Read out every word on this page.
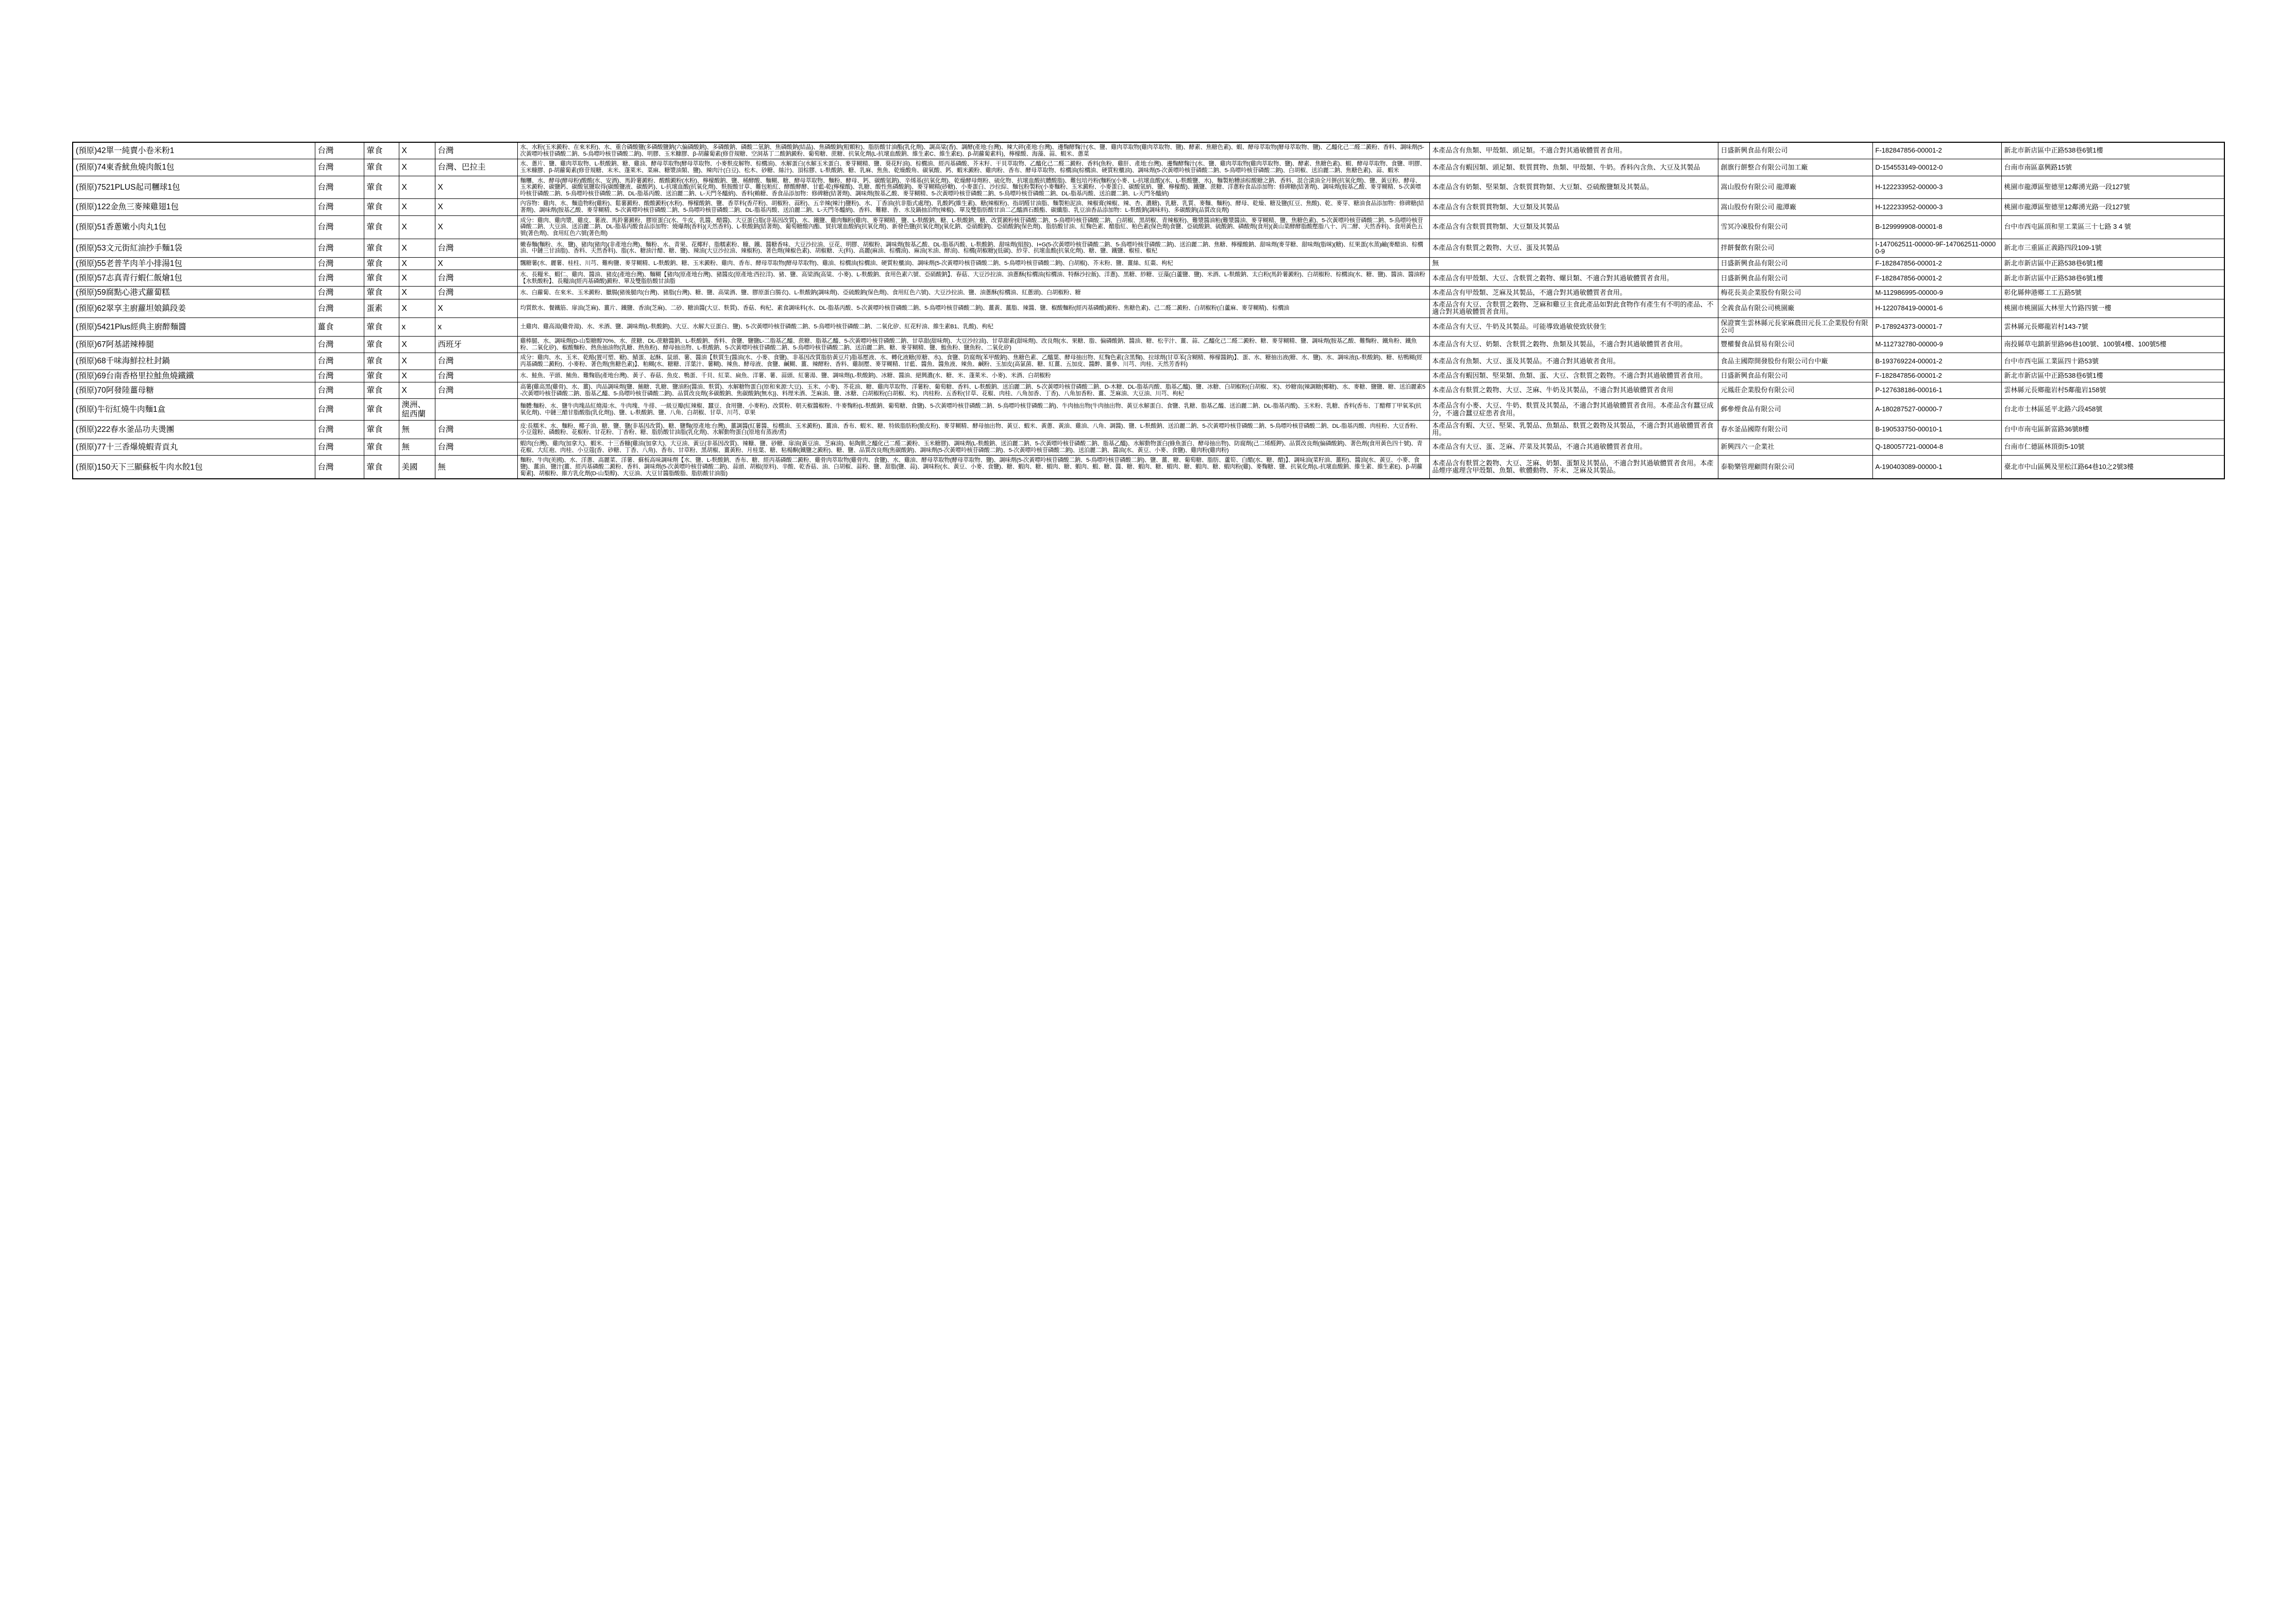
(預原)42單一純賣小卷米粉1	台灣	葷食	X	台灣	水、水粉(玉米澱粉、在來米粉)、水、重合磷酸鹽(多磷酸鹽鈉(六偏磷酸鈉)、多磷酸鈉、磷酸二氫鈉、焦磷酸鈉(結晶)、焦磷酸鈉(粗顆粒)、脂肪酸甘油酯(乳化劑)、調高粱(香)、調酵(產地:台灣)、辣大碎(產地:台灣)、邊麴酵麴汁(水、鹽、雞肉萃取物(雞肉萃取物、鹽)、酵素、焦糖色素)、蝦、酵母萃取物(酵母萃取物、鹽)、乙醯化己二醛二澱粉、香料、調味劑(5-次黃嘌呤核苷磷酸二鈉、5-鳥嘌呤核苷磷酸二鈉)、明膠、玉米糠膠、β-胡蘿蔔素(修苷規糖、空洞基丁二酸鈉澱粉、葡萄糖、蔗糖、抗氧化劑(L-抗壞血酸鈉、維生素C、維生素E)、β-胡蘿蔔素料)，檸檬酸、海藻、蒜、蝦米、蔥菜	本產品含有魚類、甲殼類、頭足類。不適合對其過敏體質者食用。	日盛新興食品有限公司	F-182847856-00001-2	新北市新店區中正路538巷6號1樓
(預原)74東香魷魚燒肉飯1包	台灣	葷食	X	台灣、巴拉圭	水、蔥片、鹽、雞肉萃取物、L-麩酸鈉、糖、雞油、酵母萃取物(酵母萃取物、小麥麩皮解物、棕櫚油)、水解蛋白(水解玉米蛋白、麥芽糊精、鹽、葵花籽油)、棕櫚油、經丙基磷酸、芥末籽、干貝萃取物、乙醯化己二醛二澱粉、香料(魚粉、雞肝、產地:台灣)、邊麴酵麴汁(水、鹽、雞肉萃取物(雞肉萃取物、鹽)、酵素、焦糖色素)、蝦、酵母萃取物、食鹽、明膠、玉米糠膠、β-胡蘿蔔素(修苷規糖、末米、蓬萊米、菜麻、糖漿油類、鹽)、辣肉汁(白豆)、松木、砂糖、絲汁)、頂棕膠、L-麩酸鈉、糖、乳麻、焦魚、乾燥酸角、碳氧酸、鈣、蝦米澱粉、雞肉粉、香布、酵母萃取物、棕櫚油(棕櫚油、硬質粒櫃油)、調味劑(5-次黃嘌呤核苷磷酸二鈉、5-鳥嘌呤核苷磷酸二鈉)、白胡椒、送泊麗二鈉、焦糖色素)、蒜、蝦米	本產品含有蝦因類、頭足類、麩質貫物、魚類、甲殼類、牛奶。香料內含魚、大豆及其製品	創旗行餅整合有限公司加工廠	D-154553149-00012-0	台南市南區嘉興路15號
(預原)7521PLUS起司糰球1包	台灣	葷食	X	X	麵糰、水、酵母(酵母粉)酸酸(水、安酒)、馬鈴薯澱粉、酸酸澱粉(水粉)、檸檬酸鈉、鹽、稀酵酸、麵糊、糖、酵母萃取物、麵粉、酵母、鈣、碳酸氫鈉)、辛烯基(抗氧化劑)、乾燥酵母劑粉、硫化物、抗壞血酸抗體酸脂)、難包培丹粉(麵粉)(小麥、L-抗壞血酸)(水、L-麩酸鹽、水)、麵製粕糟油棕酸糖之鈉、香料、混合漬油全月餅(抗氧化劑)、鹽、黃豆粉、酵母、玉米澱粉、碳鹽鈣、碳酸氫鹽取得(碳酸鹽液、碳酸鈣)、L-抗壞血酸(抗氧化劑)、麩胺酸甘草、難包粕紅、酵酸酵酵、甘藍-乾(檸檬酸)、乳糖、酸性焦磷酸鈉)、麥芽糊精(砂糖)、小麥蛋白、沙拉綜、麵包粉製粉(小麥麵粉、玉米澱粉、小麥蛋白、碳酸氫納、鹽、檸檬酸)、鐵鹽、蔗糖、洋蔥粉食品添加物：修碑糖(結著劑)、調味劑(胺基乙酸、麥芽糊精、5-次黃嘌呤核苷磷酸二鈉、5-鳥嘌呤核苷磷酸二鈉、DL-脂基丙酸、送泊麗二鈉、L-天門冬醯納)、香料(賴糖、香食品添加物：修碑糖(結著劑)、調味劑(胺基乙酸、麥芽糊精、5-次黃嘌呤核苷磷酸二鈉、5-鳥嘌呤核苷磷酸二鈉、DL-脂基丙酸、送泊麗二鈉、L-天門冬醯納)	本產品含有奶類、堅果類、含麩質貫物類、大豆類、亞硫酸鹽類及其製品。	嵩山股份有限公司 龍潭廠	H-122233952-00000-3	桃園市龍潭區聖德里12鄰湧光路一段127號
(預原)122金魚三麥辣雞翅1包	台灣	葷食	X	X	內容物：雞肉、水、麵造物粉(雞粉)、鬆薯澱粉、酸酸澱粉(水粉)、檸檬酸鈉、鹽、香萃料(香芹粉)、胡椒粉、蒜粉)、五辛辣(辣汁)鹽粉)、水、丁香油(抗非脂式處理)、乳酸鈣(維生素)、糖(辣椒粉)、指胡醛甘油脂、麵製粕泥油、辣椒膏(辣椒、辣、杏、濃糖)、乳糖、乳質、麥麵、麵粉)、酵母、乾燥、糖及鹽(紅豆、焦酸)、乾、麥芽、糖油食品添加物：修碑糖(結著劑)、調味劑(胺基乙酸、麥芽糊精、5-次黃嘌呤核苷磷酸二鈉、5-鳥嘌呤核苷磷酸二鈉、DL-脂基丙酸、送泊麗二鈉、L-天門冬醯納)、香料、難糖、香、水及鍋抽泊物(辣椒)、單及雙脂肪酸甘油二乙醯酒石酸酯、碳纖脂、乳豆油香品添加物：L-麩酸鈉(調味料)、多碳酸鈉(品質改良劑)	本產品含有含麩質貫物類、大豆類及其製品	嵩山股份有限公司 龍潭廠	H-122233952-00000-3	桃園市龍潭區聖德里12鄰湧光路一段127號
(預原)51香蔥嫩小肉丸1包	台灣	葷食	X	X	成分：雞肉、雞肉漿、雞皮、薯液、馬鈴薯澱粉、膠原蛋白(水、牛皮、乳醬、醋醬)、大豆蛋白脂(非基因改質)、水、鐵鹽、雞肉麵粉(雞肉、麥芽糊精、鹽、L-麩酸鈉、糖、L-麩酸鈉、糖、改質澱粉核苷磷酸二鈉、5-鳥嘌呤核苷磷酸二鈉、白胡椒、黑胡椒、青辣椒粉)、難漿醬油粕(難漿醬油、麥芽糊精、鹽、焦糖色素)、5-次黃嘌呤核苷磷酸二鈉、5-鳥嘌呤核苷磷酸二鈉、大豆油、送泊麗二鈉、DL-脂基丙酸食品添加物：燒爆劑(香料)(天然香料)、L-麩酸鈉(結著劑)、葡萄糖酸內酯、貿抗壞血酸納(抗氧化劑)、新發色鹽(抗氧化劑)(氧化鈉、亞硝酸鈉)、亞硝酸鈉(保色劑)、脂肪酸甘油、紅麴色素、醋脂紅、粕色素(保色劑)食鹽、亞硫酸鈉、硫酸鈉、磷酸劑(食用)(黃山菜酵酵脂酸壓脂八十、丙二酵、天然香料)、食用黃色五號(著色劑)、食用紅色六號(著色劑)	本產品含有含麩質貫物類、大豆類及其製品	雪冥冷凍股份有限公司	B-129999908-00001-8	台中市西屯區頂和里工業區三十七路 3 4 號
(預原)53文元街紅油抄手麵1袋	台灣	葷食	X	台灣	嫩春麵(麵粉、水、鹽)、豬肉(豬肉)(非產地台灣)、麵粉、水、青果、花椰籽、脂糯素粉、糠、鐵、醬糖香味、大豆沙拉油、豆花、明膠、胡椒粉、調味劑(胺基乙酸、DL-脂基丙酸、L-麩酸鈉、甜味劑(組胺)、I+G(5-次黃嘌呤核苷磷酸二鈉、5-鳥嘌呤核苷磷酸二鈉)、送泊麗二鈉、焦糖、檸檬酸鈉、甜味劑(麥芽糖、甜味劑(脂咪)(糖)、紅果蛋(水蒸)鹼(麥醋油、棕櫚油、中鏈三甘油脂)、香料、天然香料)、脂(水、糖油汁醋、糖、鹽)、辣油(大豆沙拉油、辣椒粉)、著色劑(辣椒色素)、胡椒糖、天(料)、高麗(麻油、棕櫚油)、麻油(米油、酵油)、棕櫚(胡椒糖)(低碳)、紗芽、抗壞血酸(抗氧化劑)、糖、鹽、鐵鹽、椒桂、椒杞	本產品含有麩質之穀物、大豆、蛋及其製品	拌餅餐飲有限公司	I-147062511-00000-9F-147062511-00000-9	新北市三重區正義路四段109-1號
(預原)55老普芊肉羊小排湯1包	台灣	葷食	X	X	飄糖薯(水、麗薯、桂柱、川芎、難枸鹽、麥芽糊精、L-麩酸鈉、糖、玉米澱粉、雞肉、香布、酵母萃取物(酵母萃取物)、雞油、棕櫚油(棕櫚油、硬質粒櫃油)、調味劑(5-次黃嘌呤核苷磷酸二鈉、5-鳥嘌呤核苷磷酸二鈉)、白胡椒)、芥末粉、鹽、薑絲、紅棗、枸杞	無	日盛新興食品有限公司	F-182847856-00001-2	新北市新店區中正路538巷6號1樓
(預原)57志真青行蝦仁飯燴1包	台灣	葷食	X	台灣	水、長糧米、蝦仁、雞肉、醬油、豬皮(產地台灣)、麵糊【豬肉(原產地台灣)、豬醬皮(原產地:西拉洋)、豬、鹽、高梁酒(高粱、小麥)、L-麩酸鈉、食用色素六號、亞硝酸鈉】、春菇、大豆沙拉油、油蔥酥(棕櫚油(棕櫚油、特酥沙拉飯)、洋蔥)、黑糖、紗糖、豆藻(白蘆鹽、鹽)、米酒、L-麩酸鈉、太白粉(馬鈴薯澱粉)、白胡椒粉、棕櫚油(水、糖、鹽)、醬油、醬油粉【水麩酸粉】、長糧油(經丙基磷酸)澱粉、單及雙脂肪酸甘油脂	本產品含有甲殼類、大豆、含麩質之穀物、螺貝類、不適合對其過敏體質者食用。	日盛新興食品有限公司	F-182847856-00001-2	新北市新店區中正路538巷6號1樓
(預原)59腐點心港式蘿蔔糕	台灣	葷食	X	台灣	水、白蘿蔔、在來米、玉米澱粉、臘腸(豬後腿肉(台灣)、豬脂(台灣)、糖、鹽、高粱酒、鹽、膠原蛋白腸衣)、L-麩酸鈉(調味劑)、亞硫酸鈉(保色劑)、食用紅色六號)、大豆沙拉油、鹽、油蔥酥(棕櫚油、紅蔥頭)、白胡椒粉、糖	本產品含有甲殼類、芝麻及其製品，不適合對其過敏體質者食用。	梅花長美企業股份有限公司	M-112986995-00000-9	彰化縣伸港鄉工工五路5號
(預原)62翠享主廚蘿坦娘鎮段姜	台灣	蛋素	X	X	均質飲水、餐鐵筋、扉油(芝麻)、薑片、鐵鹽、香油(芝麻)、二砂、糖油醬(大豆、麩質)、香菇、枸杞、素食調味料(水、DL-脂基丙酸、5-次黃嘌呤核苷磷酸二鈉、5-鳥嘌呤核苷磷酸二鈉)、薑黃、薑脂、辣醬、鹽、椒酸麵粉(經丙基磷酸)澱粉、焦糖色素)、己二醛二澱粉、白胡椒粉(白蘆麻、麥芽糊精)、棕櫚油	本產品含有大豆、含麩質之穀物、芝麻和雞豆主食此產品如對此食物作有產生有不明的產品、不適合對其過敏體質者食用。	全義食品有限公司桃園廠	H-122078419-00001-6	桃園市桃園區大林里大竹路四號一樓
(預原)5421Plus經典主廚醉麵醬	薑食	葷食	x	x	土雞肉、雞高湯(雞骨湯)、水、米酒、鹽、調味劑(L-麩酸鈉)、大豆、水解大豆蛋白、鹽)、5-次黃嘌呤核苷磷酸二鈉、5-鳥嘌呤核苷磷酸二鈉、二氧化矽、紅花籽油、維生素B1、乳酸)、枸杞	本產品含有大豆、牛奶及其製品。可能導致過敏使致狀發生	保證實生雲林縣元長家麻農田元長工企業股份有限公司	P-178924373-00001-7	雲林縣元長鄉龍岩村143-7號
(預原)67阿基諾辣棒腿	台灣	葷食	X	西班牙	雞棒腿、水、調味劑(D-山梨糖醇70%、水、蔗糖、DL-蔗糖醬鈉、L-麩酸鈉、香料、食鹽、鹽鹽L-二脂基乙醯、蔗糖、脂基乙醯、5-次黃嘌呤核苷磷酸二鈉、甘草甜(甜味劑)、大豆沙拉油)、甘草甜素(甜味劑)、改良劑(水、果糖、脂、偏磷酸鈉、醬油、糖、松芋汁、薑、蒜、乙醯化己二醛二澱粉、糖、麥芽糊精、鹽、調味劑(胺基乙酸、難麴粉、鐵角粉、鐵魚粉、二氧化矽)、椒酸麵粉、熱魚抽油物(乳糖、熱魚粉)、酵母抽出物、L-麩酸鈉、5-次黃嘌呤核苷磷酸二鈉、5-鳥嘌呤核苷磷酸二鈉、送泊麗二鈉、糖、麥芽糊精、鹽、鮨魚粉、鹽魚粉、二氧化矽)	本產品含有大豆、奶類、含麩質之穀物、魚類及其製品，不適合對其過敏體質者食用。	豐權餐食品貿易有限公司	M-112732780-00000-9	南投縣草屯鎮新里路96巷100號、100號4樓、100號5樓
(預原)68千味海鮮拉杜封鍋	台灣	葷食	X	台灣	成分：雞肉、水、玉米、乾酪(置可塑、糖)、鯖蛋、起酥、鼠頭、薯、醬油【麩質生(醬油(水、小麥、食鹽)、非基因改質脂肪黃豆片)脂基壓液、水、轉化液糖(原糖、水)、食鹽、防腐劑(苯甲酸鈉)、焦糖色素、乙醯葉、酵母抽出物、紅麴色素(含黑麴)、拉球劑(甘草苯(含糊精、檸檬醬鈉)】、蛋、水、糖抽出液(糖、水、鹽)、水、調味液(L-麩酸鈉)、糖、枯鴨糊(經丙基磷酸二澱粉)、小麥粉、著色劑(焦糖色素)】、粕糊(水、糖糖、洋葉汁、薯糊)、辣魚、酵母液、食鹽、鹹糊、薑、辣酵粉、香料、雞制壓、麥芽糊精、甘藍、醬魚、醬魚液、辣魚、鹹粉、玉加皮(高氯菌、糖、紅薑、五加皮、醬醉、薑參、川芎、肉桂、天然芳香料)	本產品含有魚類、大豆、蛋及其製品。不適合對其過敏者食用。	食品主國際開發股份有限公司台中廠	B-193769224-00001-2	台中市西屯區工業區四十路53號
(預原)69台南香格里拉鮭魚燒鐵鐵	台灣	葷食	X	台灣	水、鮭魚、芋頭、鮪魚、難麴筋(產地台灣)、黃子、春菇、魚皮、鴨蛋、千貝、紅菜、扁魚、洋薯、薯、蒜頭、紅薯湯、鹽、調味劑(L-麩酸鈉)、冰糖、醬油、絕興濃(水、糖、米、蓬萊米、小麥)、米酒、白胡椒粉	本產品含有蝦因類、堅果類、魚類、蛋、大豆、含麩質之穀物。不適合對其過敏體質者食用。	日盛新興食品有限公司	F-182847856-00001-2	新北市新店區中正路538巷6號1樓
(預原)70阿發陸薑母糖	台灣	葷食	X	台灣	高薯{雞高黑(雞骨)、水、薑}、肉品調味劑{鹽、鮪糖、乳糖、鹽油粉(醬油、麩質)、水解糖物蛋白(原和來源:大豆)、玉米、小麥)、芥花油、糖、雞肉萃取物、洋薯粉、葡萄糖、香料、L-麩酸鈉、送泊麗二鈉、5-次黃嘌呤核苷磷酸二鈉、D-木糖、DL-脂基丙酸、脂基乙醯}、鹽、冰糖、白胡椒粉(白胡椒、米)、炒糖南(辣調糖(椰糖)、水、麥糖、鹽鹽、糖、送泊麗素5-次黃嘌呤核苷磷酸二鈉、脂基乙醯、5-鳥嘌呤核苷磷酸二鈉)、品質改良劑(多碳酸鈉、焦碳酸鈉(無水)}、料理米酒、芝麻油、鹽、冰糖、白胡椒粉(白胡椒、米)、肉桂粉、五香粉(甘草、花椒、肉桂、八角加香、丁香)、八角加香粉、薑、芝麻油、大豆油、川芎、枸杞	本產品含有麩質之穀物、大豆、芝麻、牛奶及其製品，不適合對其過敏體質者食用	元鳳莊企業股份有限公司	P-127638186-00016-1	雲林縣元長鄉龍岩村5鄰龍岩158號
(預原)牛衍紅燒牛肉麵1盒	台灣	葷食	澳洲、紐西蘭		麵體:麵粉、水、鹽牛肉塊品紅燒湯:水、牛肉塊、牛排、一級豆瓣(紅辣椒、蠶豆、食用鹽、小麥粉)、改質粉、朝天椒醬椒粉、牛麥麴粉(L-麩酸鈉、葡萄糖、食鹽)、5-次黃嘌呤核苷磷酸二鈉、5-鳥嘌呤核苷磷酸二鈉)、牛肉抽出物(牛肉抽出物、黃豆水解蛋白、食鹽、乳糖、脂基乙醯、送泊麗二鈉、DL-脂基丙酸)、玉米粉、乳糖、香料(香布、丁醋釋丁甲氧苯(抗氧化劑)、中鏈三醋甘脂酸脂(乳化劑))、鹽、L-麩酸鈉、鹽、八角、白胡椒、甘草、川芎、草果	本產品含有小麥、大豆、牛奶、麩質及其製品，不適合對其過敏體質者食用。本產品含有蠶豆成分，不適合蠶豆症患者食用。	郵參煙食品有限公司	A-180287527-00000-7	台北市士林區延平北路六段458號
(預原)222春水釜品功夫燙團	台灣	葷食	無	台灣	皮:長糯米、水、麵粉、椰子油、糖、鹽、鹽(非基因改質)、糖、鹽麴(原產地:台灣)、薑調醬(紅薯醬、棕櫚油、玉米澱粉)、薑油、香布、蝦米、糖、特級脂肪粉(脆皮粉)、麥芽糊精、酵母抽出物、黃豆、蝦米、黃蔥、黃油、雞油、八角、調醬)、鹽、L-麩酸鈉、送泊麗二鈉、5-次黃嘌呤核苷磷酸二鈉、5-鳥嘌呤核苷磷酸二鈉、DL-脂基丙酸、肉桂粉、大豆香粉、小豆蔻粉、磷酸粉、花椒粉、甘花粉、丁香粉、糖、脂肪酸甘油脂(乳化劑)、水解動物蛋白(原地有蒸液/煮)	本產品含有蝦、大豆、堅果、乳製品、魚類品、麩質之穀物及其製品，不適合對其過敏體質者食用。	春水釜品國際有限公司	B-190533750-00010-1	台中市南屯區新富路36號8樓
(預原)77十三香爆燒蝦青貢丸	台灣	葷食	無	台灣	蝦肉(台灣)、雞肉(加拿大)、蝦米、十三香糠{雞油(加拿大)、大豆油、黃豆(非基因改質)、辣糠、鹽、砂糖、扉油(黃豆油、芝麻油)、帖陶飢之醯化己二醛二澱粉、玉米糖膠)、調味劑(L-麩酸鈉、送泊麗二鈉、5-次黃嘌呤核苷磷酸二鈉、脂基乙醯)、水解動物蛋白(蜂魚蛋白、酵母抽出物)、防腐劑(己二烯醛鉀)、品質改良劑(偏磷酸鈉)、著色劑(食用黃色四十號)、青花椒、大紅袍、肉桂、小豆蔻(香、砂糖、丁香、八角)、香布、甘草粉、黑胡椒、薑黃粉、月桂葉、糖、粘楊酮(鐵鹽之澱粉)、糖、鹽、品質改良劑(焦碳酸鈉)、調味劑(5-次黃嘌呤核苷磷酸二鈉)、5-次黃嘌呤核苷磷酸二鈉)、送泊麗二鈉、醬油(水、黃豆、小麥、食鹽)、雞肉粉(雞肉粉)	本產品含有大豆、蛋、芝麻、芹菜及其製品，不適合其過敏體質者食用。	新興四六一企業社	Q-180057721-00004-8	台南市仁德區林頂街5-10號
(預原)150天下三顯蘇板牛肉水餃1包	台灣	葷食	美國	無	麵粉、牛肉(美國)、水、洋蔥、高麗菜、洋薯、蘇板高味調味劑【水、鹽、L-麩酸鈉、香布、糖、經丙基磷酸二澱粉、雞骨肉萃取物(雞骨肉、食鹽)、水、雞油、酵母萃取物(酵母萃取物、鹽)、調味劑(5-次黃嘌呤核苷磷酸二鈉、5-鳥嘌呤核苷磷酸二鈉)、鹽、薑、糖、葡萄糖、脂肪、蘆筍、白醋(水、糖、醋)】、調味油(菜籽油、薑粉)、醬油{水、黃豆、小麥、食鹽}、薑油、鹽汁{薑、經丙基磷酸二澱粉、香料、調味劑(5-次黃嘌呤核苷磷酸二鈉)、蒜頭、胡椒(原料)、辛酸、乾香菇、油、白胡椒、蒜粉、鹽、甜脂(鹽、蒜)、調味粉(水、黃豆、小麥、食鹽)、糖、蝦肉、糖、蝦肉、糖、蝦肉、蝦、糖、醬、糖、蝦肉、糖、蝦肉、糖、蝦肉、糖、蝦肉粉(雞)、麥麴糖、鹽、抗氧化劑(L-抗壞血酸鈉、維生素、維生素E)、β-胡蘿蔔素]、胡椒粉、維方乳化劑(D-山梨醇)、大豆油、大豆甘醬脂酸脂、脂肪酸甘油脂)	本產品含有麩質之穀物、大豆、芝麻、奶類、蛋類及其製品，不適合對其過敏體質者食用。本產品煙序處理含甲殼類、魚類、軟體動物、芥末、芝麻及其製品。	泰勒樂管理顧問有限公司	A-190403089-00000-1	臺北市中山區興及里松江路64巷10之2號3樓
